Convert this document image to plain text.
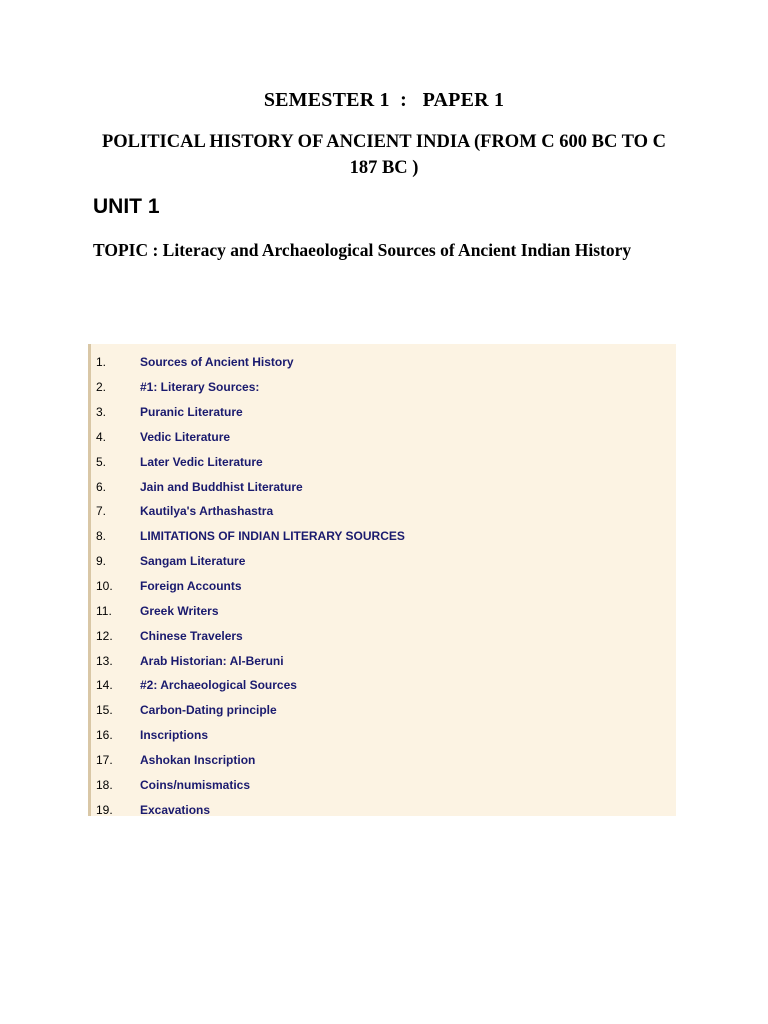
SEMESTER 1  :   PAPER 1
POLITICAL HISTORY OF ANCIENT INDIA (FROM C 600 BC TO C 187 BC )
UNIT 1
TOPIC : Literacy and Archaeological Sources of Ancient Indian History
1.	Sources of Ancient History
2.	#1: Literary Sources:
3.	Puranic Literature
4.	Vedic Literature
5.	Later Vedic Literature
6.	Jain and Buddhist Literature
7.	Kautilya's Arthashastra
8.	LIMITATIONS OF INDIAN LITERARY SOURCES
9.	Sangam Literature
10.	Foreign Accounts
11.	Greek Writers
12.	Chinese Travelers
13.	Arab Historian: Al-Beruni
14.	#2: Archaeological Sources
15.	Carbon-Dating principle
16.	Inscriptions
17.	Ashokan Inscription
18.	Coins/numismatics
19.	Excavations
